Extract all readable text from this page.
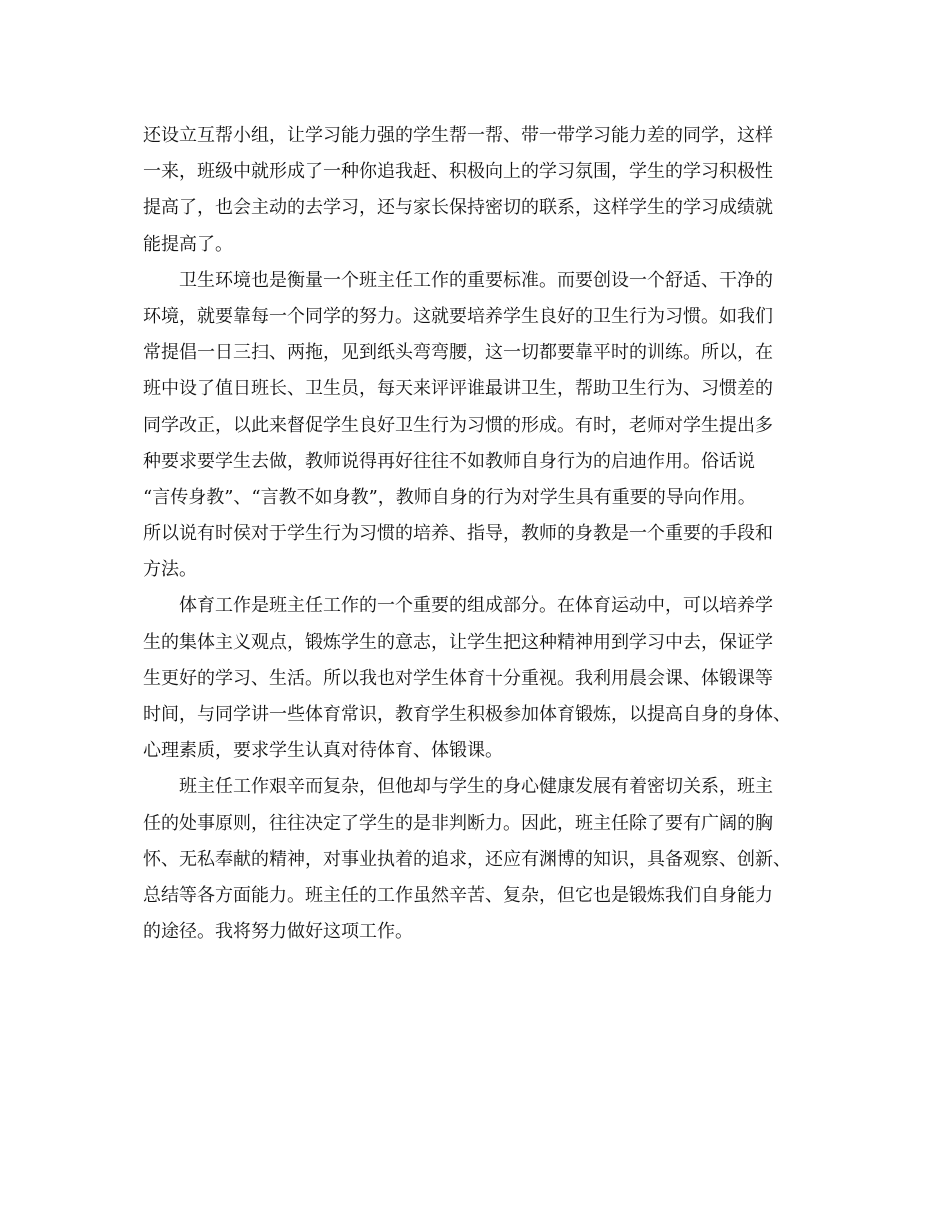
还设立互帮小组，让学习能力强的学生帮一帮、带一带学习能力差的同学，这样
一来，班级中就形成了一种你追我赶、积极向上的学习氛围，学生的学习积极性
提高了，也会主动的去学习，还与家长保持密切的联系，这样学生的学习成绩就
能提高了。
卫生环境也是衡量一个班主任工作的重要标准。而要创设一个舒适、干净的
环境，就要靠每一个同学的努力。这就要培养学生良好的卫生行为习惯。如我们
常提倡一日三扫、两拖，见到纸头弯弯腰，这一切都要靠平时的训练。所以，在
班中设了值日班长、卫生员，每天来评评谁最讲卫生，帮助卫生行为、习惯差的
同学改正，以此来督促学生良好卫生行为习惯的形成。有时，老师对学生提出多
种要求要学生去做，教师说得再好往往不如教师自身行为的启迪作用。俗话说
“言传身教”、“言教不如身教”，教师自身的行为对学生具有重要的导向作用。
所以说有时侯对于学生行为习惯的培养、指导，教师的身教是一个重要的手段和
方法。
体育工作是班主任工作的一个重要的组成部分。在体育运动中，可以培养学
生的集体主义观点，锻炼学生的意志，让学生把这种精神用到学习中去，保证学
生更好的学习、生活。所以我也对学生体育十分重视。我利用晨会课、体锻课等
时间，与同学讲一些体育常识，教育学生积极参加体育锻炼，以提高自身的身体、
心理素质，要求学生认真对待体育、体锻课。
班主任工作艰辛而复杂，但他却与学生的身心健康发展有着密切关系，班主
任的处事原则，往往决定了学生的是非判断力。因此，班主任除了要有广阔的胸
怀、无私奉献的精神，对事业执着的追求，还应有渊博的知识，具备观察、创新、
总结等各方面能力。班主任的工作虽然辛苦、复杂，但它也是锻炼我们自身能力
的途径。我将努力做好这项工作。
